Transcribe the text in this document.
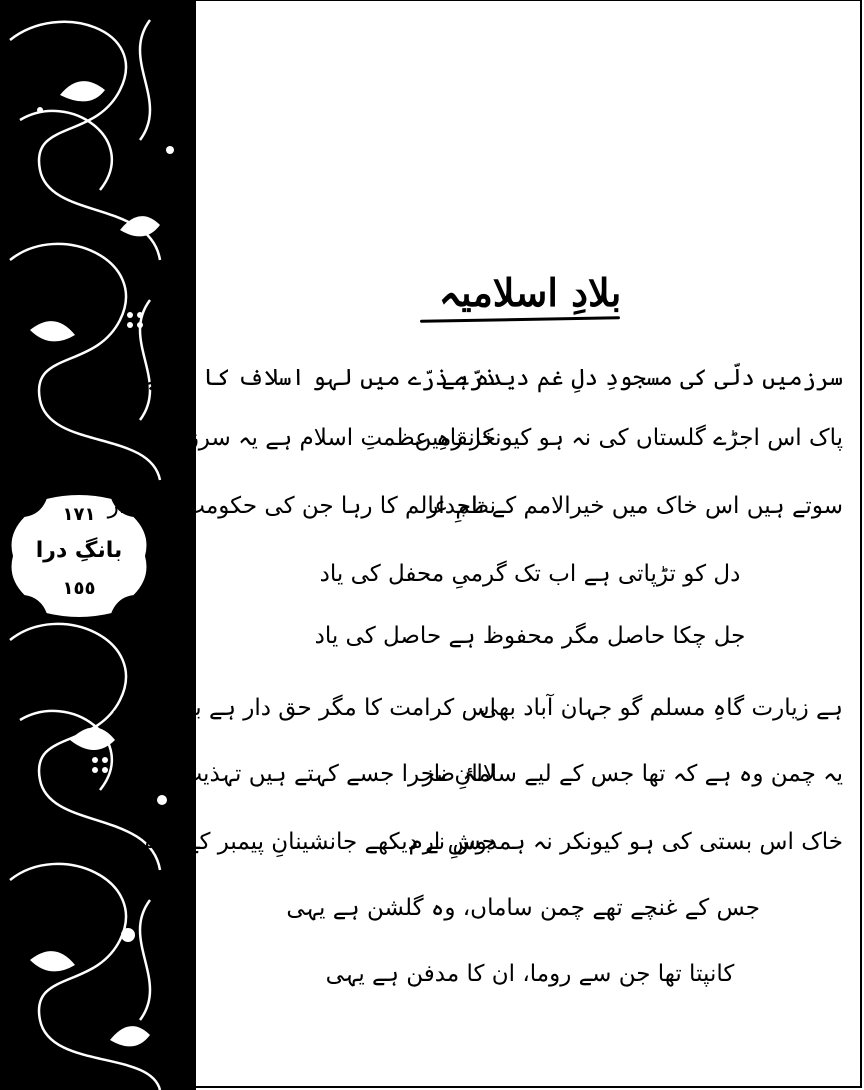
١٧١
بانگِ درا
١٥٥
بلادِ اسلامیہ
سرزمیں دلّی کی مسجودِ دلِ غم دیدہ ہے
ذرّے ذرّے میں لہو اسلاف کا خوابیدہ ہے
پاک اس اجڑے گلستاں کی نہ ہو کیونکر زمیں
خانقاہِ عظمتِ اسلام ہے یہ سرزمیں
سوتے ہیں اس خاک میں خیرالامم کے تاجدار
نظمِ عالم کا رہا جن کی حکومت پر مدار
دل کو تڑپاتی ہے اب تک گرمیِ محفل کی یاد
جل چکا حاصل مگر محفوظ ہے حاصل کی یاد
ہے زیارت گاہِ مسلم گو جہان آباد بھی
اس کرامت کا مگر حق دار ہے بغداد بھی
یہ چمن وہ ہے کہ تھا جس کے لیے سامانِ ناز
لالۂ صحرا جسے کہتے ہیں تہذیبِ حجاز
خاک اس بستی کی ہو کیونکر نہ ہمدوشِ ارم
جس نے دیکھے جانشینانِ پیمبر کے قدم
جس کے غنچے تھے چمن ساماں، وہ گلشن ہے یہی
کانپتا تھا جن سے روما، ان کا مدفن ہے یہی
